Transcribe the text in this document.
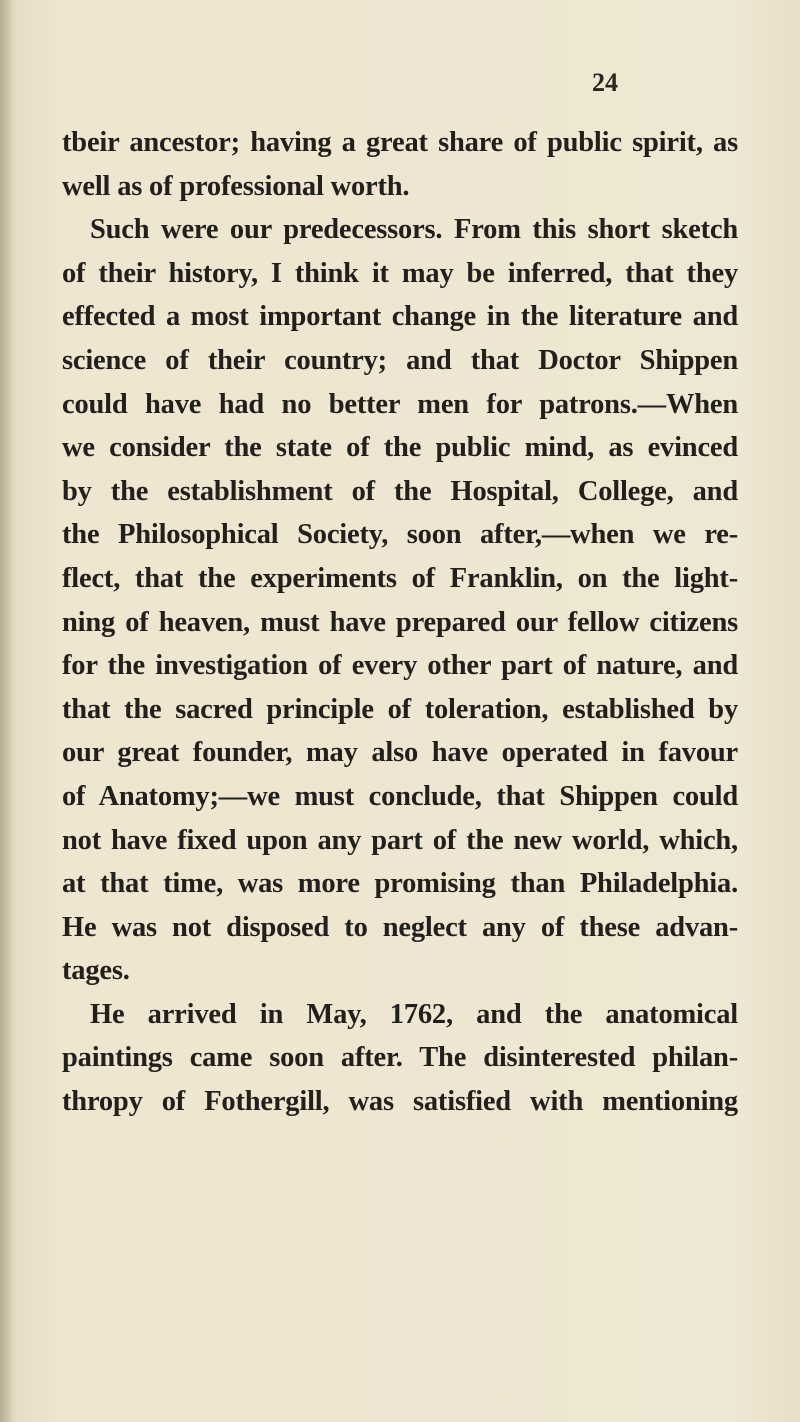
24
tbeir ancestor; having a great share of public spirit, as
well as of professional worth.
Such were our predecessors. From this short sketch
of their history, I think it may be inferred, that they
effected a most important change in the literature and
science of their country; and that Doctor Shippen
could have had no better men for patrons.—When
we consider the state of the public mind, as evinced
by the establishment of the Hospital, College, and
the Philosophical Society, soon after,—when we re-
flect, that the experiments of Franklin, on the light-
ning of heaven, must have prepared our fellow citizens
for the investigation of every other part of nature, and
that the sacred principle of toleration, established by
our great founder, may also have operated in favour
of Anatomy;—we must conclude, that Shippen could
not have fixed upon any part of the new world, which,
at that time, was more promising than Philadelphia.
He was not disposed to neglect any of these advan-
tages.
He arrived in May, 1762, and the anatomical
paintings came soon after. The disinterested philan-
thropy of Fothergill, was satisfied with mentioning
